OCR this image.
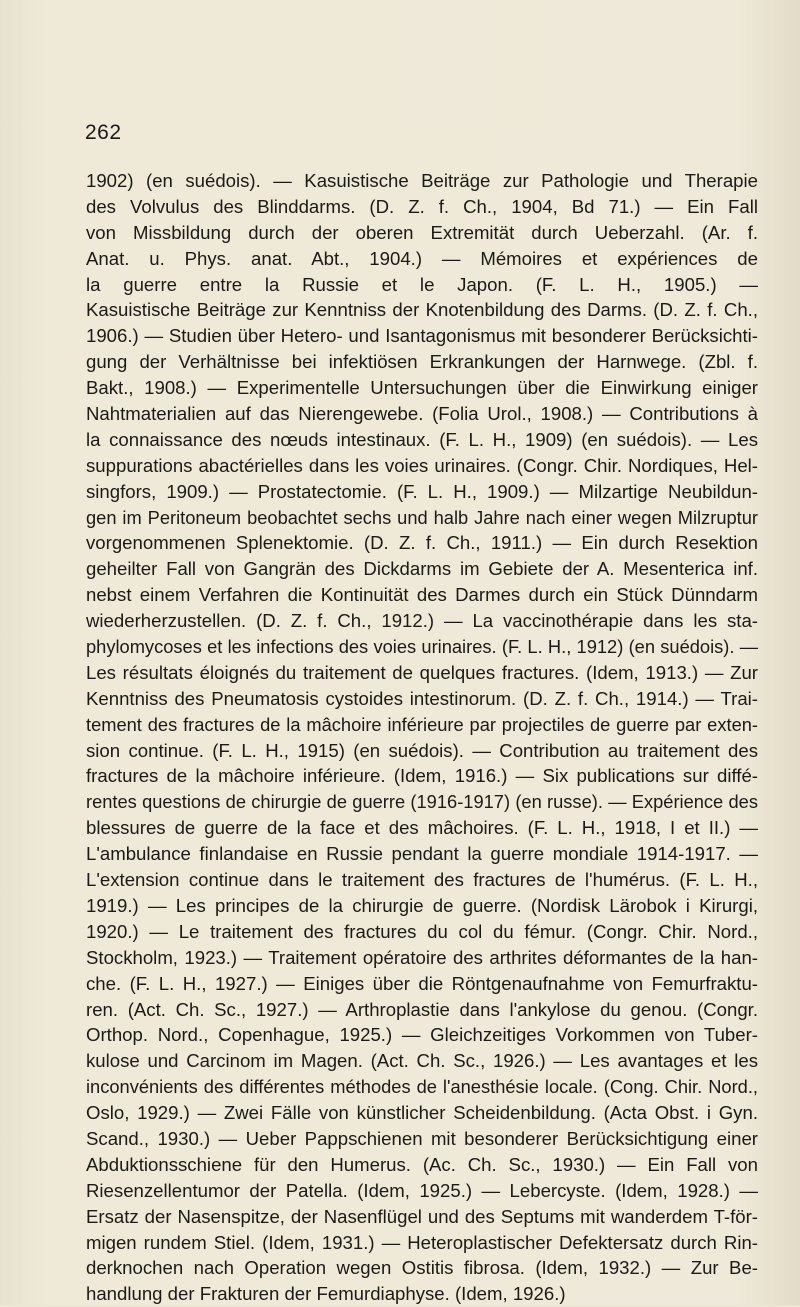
262
1902) (en suédois). — Kasuistische Beiträge zur Pathologie und Therapie
des Volvulus des Blinddarms. (D. Z. f. Ch., 1904, Bd 71.) — Ein Fall
von Missbildung durch der oberen Extremität durch Ueberzahl. (Ar. f.
Anat. u. Phys. anat. Abt., 1904.) — Mémoires et expériences de
la guerre entre la Russie et le Japon. (F. L. H., 1905.) —
Kasuistische Beiträge zur Kenntniss der Knotenbildung des Darms. (D. Z. f. Ch.,
1906.) — Studien über Hetero- und Isantagonismus mit besonderer Berücksichti-
gung der Verhältnisse bei infektiösen Erkrankungen der Harnwege. (Zbl. f.
Bakt., 1908.) — Experimentelle Untersuchungen über die Einwirkung einiger
Nahtmaterialien auf das Nierengewebe. (Folia Urol., 1908.) — Contributions à
la connaissance des nœuds intestinaux. (F. L. H., 1909) (en suédois). — Les
suppurations abactérielles dans les voies urinaires. (Congr. Chir. Nordiques, Hel-
singfors, 1909.) — Prostatectomie. (F. L. H., 1909.) — Milzartige Neubildun-
gen im Peritoneum beobachtet sechs und halb Jahre nach einer wegen Milzruptur
vorgenommenen Splenektomie. (D. Z. f. Ch., 1911.) — Ein durch Resektion
geheilter Fall von Gangrän des Dickdarms im Gebiete der A. Mesenterica inf.
nebst einem Verfahren die Kontinuität des Darmes durch ein Stück Dünndarm
wiederherzustellen. (D. Z. f. Ch., 1912.) — La vaccinothérapie dans les sta-
phylomycoses et les infections des voies urinaires. (F. L. H., 1912) (en suédois). —
Les résultats éloignés du traitement de quelques fractures. (Idem, 1913.) — Zur
Kenntniss des Pneumatosis cystoides intestinorum. (D. Z. f. Ch., 1914.) — Trai-
tement des fractures de la mâchoire inférieure par projectiles de guerre par exten-
sion continue. (F. L. H., 1915) (en suédois). — Contribution au traitement des
fractures de la mâchoire inférieure. (Idem, 1916.) — Six publications sur diffé-
rentes questions de chirurgie de guerre (1916-1917) (en russe). — Expérience des
blessures de guerre de la face et des mâchoires. (F. L. H., 1918, I et II.) —
L'ambulance finlandaise en Russie pendant la guerre mondiale 1914-1917. —
L'extension continue dans le traitement des fractures de l'humérus. (F. L. H.,
1919.) — Les principes de la chirurgie de guerre. (Nordisk Lärobok i Kirurgi,
1920.) — Le traitement des fractures du col du fémur. (Congr. Chir. Nord.,
Stockholm, 1923.) — Traitement opératoire des arthrites déformantes de la han-
che. (F. L. H., 1927.) — Einiges über die Röntgenaufnahme von Femurfraktu-
ren. (Act. Ch. Sc., 1927.) — Arthroplastie dans l'ankylose du genou. (Congr.
Orthop. Nord., Copenhague, 1925.) — Gleichzeitiges Vorkommen von Tuber-
kulose und Carcinom im Magen. (Act. Ch. Sc., 1926.) — Les avantages et les
inconvénients des différentes méthodes de l'anesthésie locale. (Cong. Chir. Nord.,
Oslo, 1929.) — Zwei Fälle von künstlicher Scheidenbildung. (Acta Obst. i Gyn.
Scand., 1930.) — Ueber Pappschienen mit besonderer Berücksichtigung einer
Abduktionsschiene für den Humerus. (Ac. Ch. Sc., 1930.) — Ein Fall von
Riesenzellentumor der Patella. (Idem, 1925.) — Lebercyste. (Idem, 1928.) —
Ersatz der Nasenspitze, der Nasenflügel und des Septums mit wanderdem T-för-
migen rundem Stiel. (Idem, 1931.) — Heteroplastischer Defektersatz durch Rin-
derknochen nach Operation wegen Ostitis fibrosa. (Idem, 1932.) — Zur Be-
handlung der Frakturen der Femurdiaphyse. (Idem, 1926.)
